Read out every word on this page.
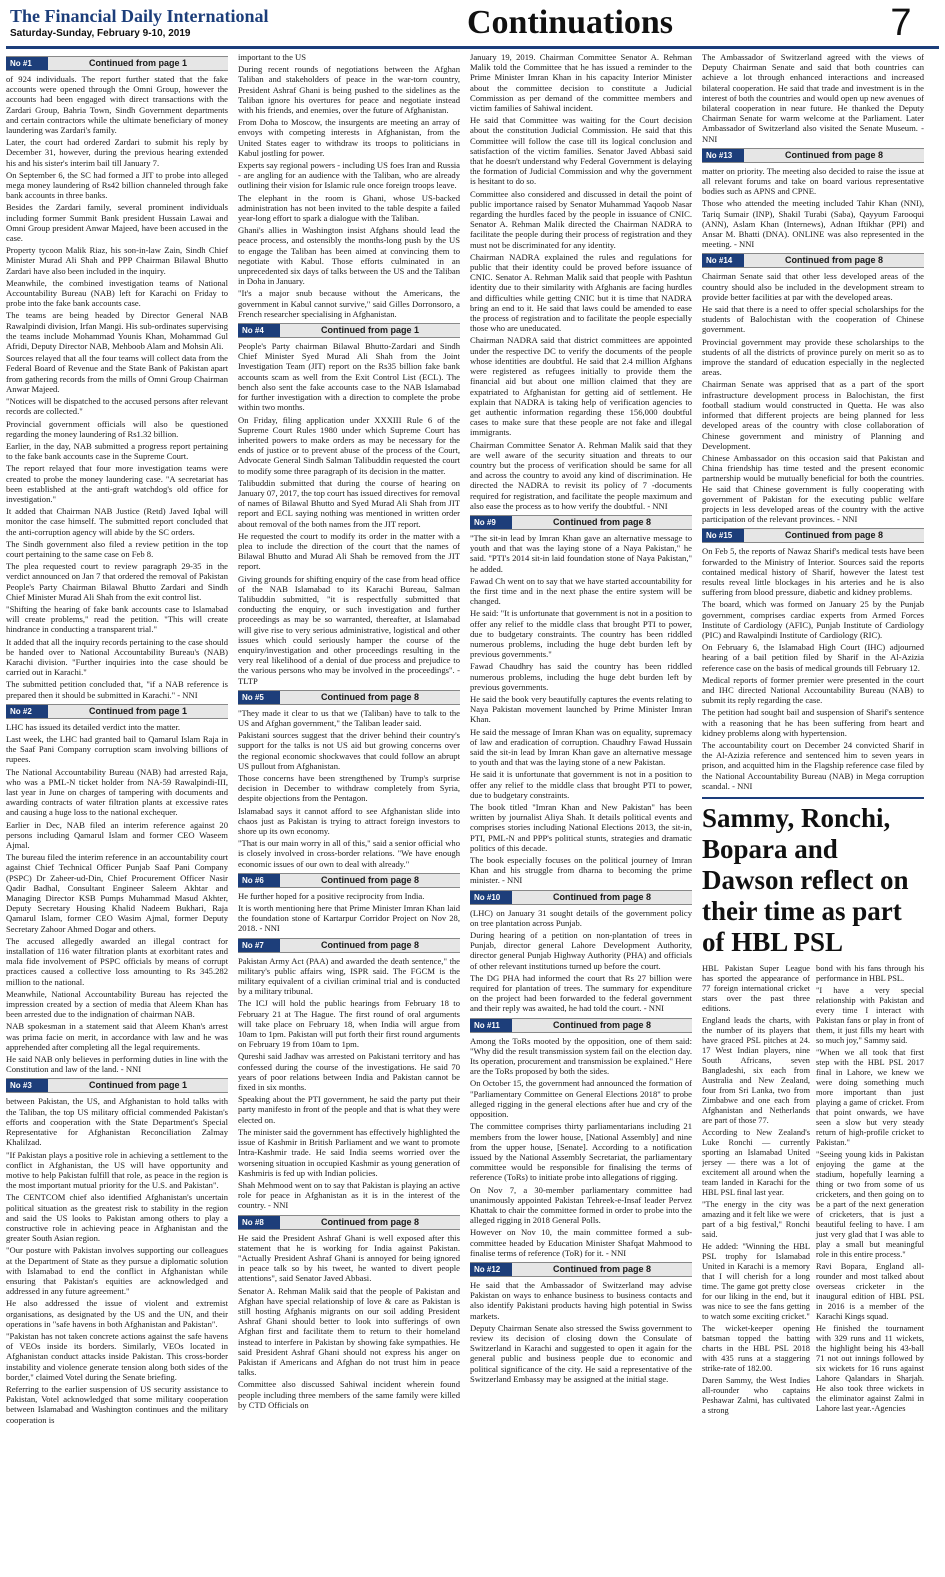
The Financial Daily International
Saturday-Sunday, February 9-10, 2019	Continuations	7
No #1	Continued from page 1

of 924 individuals. The report further stated that the fake accounts were opened through the Omni Group, however the accounts had been engaged with direct transactions with the Zardari Group, Bahria Town, Sindh Government departments and certain contractors while the ultimate beneficiary of money laundering was Zardari's family.

Later, the court had ordered Zardari to submit his reply by December 31, however, during the previous hearing extended his and his sister's interim bail till January 7.

On September 6, the SC had formed a JIT to probe into alleged mega money laundering of Rs42 billion channeled through fake bank accounts in three banks.

Besides the Zardari family, several prominent individuals including former Summit Bank president Hussain Lawai and Omni Group president Anwar Majeed, have been accused in the case.

Property tycoon Malik Riaz, his son-in-law Zain, Sindh Chief Minister Murad Ali Shah and PPP Chairman Bilawal Bhutto Zardari have also been included in the inquiry.

Meanwhile, the combined investigation teams of National Accountability Bureau (NAB) left for Karachi on Friday to probe into the fake bank accounts case.

The teams are being headed by Director General NAB Rawalpindi division, Irfan Mangi. His sub-ordinates supervising the teams include Mohammad Younis Khan, Mohammad Gul Afridi, Deputy Director NAB, Mehboob Alam and Mohsin Ali.

Sources relayed that all the four teams will collect data from the Federal Board of Revenue and the State Bank of Pakistan apart from gathering records from the mills of Omni Group Chairman Anwar Majeed.

"Notices will be dispatched to the accused persons after relevant records are collected."

Provincial government officials will also be questioned regarding the money laundering of Rs1.32 billion.

Earlier, in the day, NAB submitted a progress report pertaining to the fake bank accounts case in the Supreme Court.

The report relayed that four more investigation teams were created to probe the money laundering case. "A secretariat has been established at the anti-graft watchdog's old office for investigation."

It added that Chairman NAB Justice (Retd) Javed Iqbal will monitor the case himself. The submitted report concluded that the anti-corruption agency will abide by the SC orders.

The Sindh government also filed a review petition in the top court pertaining to the same case on Feb 8.

The plea requested court to review paragraph 29-35 in the verdict announced on Jan 7 that ordered the removal of Pakistan People's Party Chairman Bilawal Bhutto Zardari and Sindh Chief Minister Murad Ali Shah from the exit control list.

"Shifting the hearing of fake bank accounts case to Islamabad will create problems," read the petition. "This will create hindrance in conducting a transparent trial."

It added that all the inquiry records pertaining to the case should be handed over to National Accountability Bureau's (NAB) Karachi division. "Further inquiries into the case should be carried out in Karachi."

The submitted petition concluded that, "if a NAB reference is prepared then it should be submitted in Karachi." - NNI

No #2	Continued from page 1

LHC has issued its detailed verdict into the matter.

Last week, the LHC had granted bail to Qamarul Islam Raja in the Saaf Pani Company corruption scam involving billions of rupees.

The National Accountability Bureau (NAB) had arrested Raja, who was a PML-N ticket holder from NA-59 Rawalpindi-III, last year in June on charges of tampering with documents and awarding contracts of water filtration plants at excessive rates and causing a huge loss to the national exchequer.

Earlier in Dec, NAB filed an interim reference against 20 persons including Qamarul Islam and former CEO Waseem Ajmal.

The bureau filed the interim reference in an accountability court against Chief Technical Officer Punjab Saaf Pani Company (PSPC) Dr Zaheer-ud-Din, Chief Procurement Officer Nasir Qadir Badhal, Consultant Engineer Saleem Akhtar and Managing Director KSB Pumps Muhammad Masud Akhter, Deputy Secretary Housing Khalid Nadeem Bukhari, Raja Qamarul Islam, former CEO Wasim Ajmal, former Deputy Secretary Zahoor Ahmed Dogar and others.

The accused allegedly awarded an illegal contract for installation of 116 water filtration plants at exorbitant rates and mala fide involvement of PSPC officials by means of corrupt practices caused a collective loss amounting to Rs 345.282 million to the national.

Meanwhile, National Accountability Bureau has rejected the impression created by a section of media that Aleem Khan has been arrested due to the indignation of chairman NAB.

NAB spokesman in a statement said that Aleem Khan's arrest was prima facie on merit, in accordance with law and he was apprehended after completing all the legal requirements.

He said NAB only believes in performing duties in line with the Constitution and law of the land. - NNI

No #3	Continued from page 1

between Pakistan, the US, and Afghanistan to hold talks with the Taliban, the top US military official commended Pakistan's efforts and cooperation with the State Department's Special Representative for Afghanistan Reconciliation Zalmay Khalilzad.

"If Pakistan plays a positive role in achieving a settlement to the conflict in Afghanistan, the US will have opportunity and motive to help Pakistan fulfill that role, as peace in the region is the most important mutual priority for the U.S. and Pakistan".

The CENTCOM chief also identified Afghanistan's uncertain political situation as the greatest risk to stability in the region and said the US looks to Pakistan among others to play a constructive role in achieving peace in Afghanistan and the greater South Asian region.

"Our posture with Pakistan involves supporting our colleagues at the Department of State as they pursue a diplomatic solution with Islamabad to end the conflict in Afghanistan while ensuring that Pakistan's equities are acknowledged and addressed in any future agreement."

He also addressed the issue of violent and extremist organisations, as designated by the US and the UN, and their operations in "safe havens in both Afghanistan and Pakistan".

"Pakistan has not taken concrete actions against the safe havens of VEOs inside its borders. Similarly, VEOs located in Afghanistan conduct attacks inside Pakistan. This cross-border instability and violence generate tension along both sides of the border," claimed Votel during the Senate briefing.

Referring to the earlier suspension of US security assistance to Pakistan, Votel acknowledged that some military cooperation between Islamabad and Washington continues and the military cooperation is

important to the US

During recent rounds of negotiations between the Afghan Taliban and stakeholders of peace in the war-torn country, President Ashraf Ghani is being pushed to the sidelines as the Taliban ignore his overtures for peace and negotiate instead with his friends, and enemies, over the future of Afghanistan.

From Doha to Moscow, the insurgents are meeting an array of envoys with competing interests in Afghanistan, from the United States eager to withdraw its troops to politicians in Kabul jostling for power.

Experts say regional powers - including US foes Iran and Russia - are angling for an audience with the Taliban, who are already outlining their vision for Islamic rule once foreign troops leave.

The elephant in the room is Ghani, whose US-backed administration has not been invited to the table despite a failed year-long effort to spark a dialogue with the Taliban.

Ghani's allies in Washington insist Afghans should lead the peace process, and ostensibly the months-long push by the US to engage the Taliban has been aimed at convincing them to negotiate with Kabul. Those efforts culminated in an unprecedented six days of talks between the US and the Taliban in Doha in January.

"It's a major snub because without the Americans, the government in Kabul cannot survive," said Gilles Dorronsoro, a French researcher specialising in Afghanistan.

No #4	Continued from page 1

People's Party chairman Bilawal Bhutto-Zardari and Sindh Chief Minister Syed Murad Ali Shah from the Joint Investigation Team (JIT) report on the Rs35 billion fake bank accounts scam as well from the Exit Control List (ECL). The bench also sent the fake accounts case to the NAB Islamabad for further investigation with a direction to complete the probe within two months.

On Friday, filing application under XXXIII Rule 6 of the Supreme Court Rules 1980 under which Supreme Court has inherited powers to make orders as may be necessary for the ends of justice or to prevent abuse of the process of the Court, Advocate General Sindh Salman Talibuddin requested the court to modify some three paragraph of its decision in the matter.

Talibuddin submitted that during the course of hearing on January 07, 2017, the top court has issued directives for removal of names of Bilawal Bhutto and Syed Murad Ali Shah from JIT report and ECL saying nothing was mentioned in written order about removal of the both names from the JIT report.

He requested the court to modify its order in the matter with a plea to include the direction of the court that the names of Bilawal Bhutto and Murad Ali Shah be removed from the JIT report.

Giving grounds for shifting enquiry of the case from head office of the NAB Islamabad to its Karachi Bureau, Salman Talibuddin submitted, "it is respectfully submitted that conducting the enquiry, or such investigation and further proceedings as may be so warranted, thereafter, at Islamabad will give rise to very serious administrative, logistical and other issues which could seriously hamper the course of the enquiry/investigation and other proceedings resulting in the very real likelihood of a denial of due process and prejudice to the various persons who may be involved in the proceedings". - TLTP

No #5	Continued from page 8

"They made it clear to us that we (Taliban) have to talk to the US and Afghan government," the Taliban leader said.

Pakistani sources suggest that the driver behind their country's support for the talks is not US aid but growing concerns over the regional economic shockwaves that could follow an abrupt US pullout from Afghanistan.

Those concerns have been strengthened by Trump's surprise decision in December to withdraw completely from Syria, despite objections from the Pentagon.

Islamabad says it cannot afford to see Afghanistan slide into chaos just as Pakistan is trying to attract foreign investors to shore up its own economy.

"That is our main worry in all of this," said a senior official who is closely involved in cross-border relations. "We have enough economic issues of our own to deal with already."

No #6	Continued from page 8

He further hoped for a positive reciprocity from India.

It is worth mentioning here that Prime Minister Imran Khan laid the foundation stone of Kartarpur Corridor Project on Nov 28, 2018. - NNI

No #7	Continued from page 8

Pakistan Army Act (PAA) and awarded the death sentence," the military's public affairs wing, ISPR said. The FGCM is the military equivalent of a civilian criminal trial and is conducted by a military tribunal.

The ICJ will hold the public hearings from February 18 to February 21 at The Hague. The first round of oral arguments will take place on February 18, when India will argue from 10am to 1pm. Pakistan will put forth their first round arguments on February 19 from 10am to 1pm.

Qureshi said Jadhav was arrested on Pakistani territory and has confessed during the course of the investigations. He said 70 years of poor relations between India and Pakistan cannot be fixed in six months.

Speaking about the PTI government, he said the party put their party manifesto in front of the people and that is what they were elected on.

The minister said the government has effectively highlighted the issue of Kashmir in British Parliament and we want to promote Intra-Kashmir trade. He said India seems worried over the worsening situation in occupied Kashmir as young generation of Kashmiris is fed up with Indian policies.

Shah Mehmood went on to say that Pakistan is playing an active role for peace in Afghanistan as it is in the interest of the country. - NNI

No #8	Continued from page 8

He said the President Ashraf Ghani is well exposed after this statement that he is working for India against Pakistan. "Actually President Ashraf Ghani is annoyed for being ignored in peace talk so by his tweet, he wanted to divert people attentions", said Senator Javed Abbasi.

Senator A. Rehman Malik said that the people of Pakistan and Afghan have special relationship of love & care as Pakistan is still hosting Afghanis migrants on our soil adding President Ashraf Ghani should better to look into sufferings of own Afghan first and facilitate them to return to their homeland instead to interfere in Pakistan by showing fake sympathies. He said President Ashraf Ghani should not express his anger on Pakistan if Americans and Afghan do not trust him in peace talks.

Committee also discussed Sahiwal incident wherein found people including three members of the same family were killed by CTD Officials on

January 19, 2019. Chairman Committee Senator A. Rehman Malik told the Committee that he has issued a reminder to the Prime Minister Imran Khan in his capacity Interior Minister about the committee decision to constitute a Judicial Commission as per demand of the committee members and victim families of Sahiwal incident.

He said that Committee was waiting for the Court decision about the constitution Judicial Commission. He said that this Committee will follow the case till its logical conclusion and satisfaction of the victim families. Senator Javed Abbasi said that he doesn't understand why Federal Government is delaying the formation of Judicial Commission and why the government is hesitant to do so.

Committee also considered and discussed in detail the point of public importance raised by Senator Muhammad Yaqoob Nasar regarding the hurdles faced by the people in issuance of CNIC. Senator A. Rehman Malik directed the Chairman NADRA to facilitate the people during their process of registration and they must not be discriminated for any identity.

Chairman NADRA explained the rules and regulations for public that their identity could be proved before issuance of CNIC. Senator A. Rehman Malik said that people with Pashtun identity due to their similarity with Afghanis are facing hurdles and difficulties while getting CNIC but it is time that NADRA bring an end to it. He said that laws could be amended to ease the process of registration and to facilitate the people especially those who are uneducated.

Chairman NADRA said that district committees are appointed under the respective DC to verify the documents of the people whose identities are doubtful. He said that 2.4 million Afghans were registered as refugees initially to provide them the financial aid but about one million claimed that they are expatriated to Afghanistan for getting aid of settlement. He explain that NADRA is taking help of verification agencies to get authentic information regarding these 156,000 doubtful cases to make sure that these people are not fake and illegal immigrants.

Chairman Committee Senator A. Rehman Malik said that they are well aware of the security situation and threats to our country but the process of verification should be same for all and across the country to avoid any kind of discrimination. He directed the NADRA to revisit its policy of 7 -documents required for registration, and facilitate the people maximum and also ease the process as to how verify the doubtful. - NNI

No #9	Continued from page 8

"The sit-in lead by Imran Khan gave an alternative message to youth and that was the laying stone of a Naya Pakistan," he said. "PTI's 2014 sit-in laid foundation stone of Naya Pakistan," he added.

Fawad Ch went on to say that we have started accountability for the first time and in the next phase the entire system will be changed.

He said: "It is unfortunate that government is not in a position to offer any relief to the middle class that brought PTI to power, due to budgetary constraints. The country has been riddled numerous problems, including the huge debt burden left by previous governments."

Fawad Chaudhry has said the country has been riddled numerous problems, including the huge debt burden left by previous governments.

He said the book very beautifully captures the events relating to Naya Pakistan movement launched by Prime Minister Imran Khan.

He said the message of Imran Khan was on equality, supremacy of law and eradication of corruption. Chaudhry Fawad Hussain said the sit-in lead by Imran Khan gave an alternative message to youth and that was the laying stone of a new Pakistan.

He said it is unfortunate that government is not in a position to offer any relief to the middle class that brought PTI to power, due to budgetary constraints.

The book titled "Imran Khan and New Pakistan" has been written by journalist Aliya Shah. It details political events and comprises stories including National Elections 2013, the sit-in, PTI, PML-N and PPP's political stunts, strategies and dramatic politics of this decade.

The book especially focuses on the political journey of Imran Khan and his struggle from dharna to becoming the prime minister. - NNI

No #10	Continued from page 8

(LHC) on January 31 sought details of the government policy on tree plantation across Punjab.

During hearing of a petition on non-plantation of trees in Punjab, director general Lahore Development Authority, director general Punjab Highway Authority (PHA) and officials of other relevant institutions turned up before the court.

The DG PHA had informed the court that Rs 27 billion were required for plantation of trees. The summary for expenditure on the project had been forwarded to the federal government and their reply was awaited, he had told the court. - NNI

No #11	Continued from page 8

Among the ToRs mooted by the opposition, one of them said: "Why did the result transmission system fail on the election day. Its operation, procurement and transmission be explained." Here are the ToRs proposed by both the sides.

On October 15, the government had announced the formation of "Parliamentary Committee on General Elections 2018" to probe alleged rigging in the general elections after hue and cry of the opposition.

The committee comprises thirty parliamentarians including 21 members from the lower house, [National Assembly] and nine from the upper house, [Senate]. According to a notification issued by the National Assembly Secretariat, the parliamentary committee would be responsible for finalising the terms of reference (ToRs) to initiate probe into allegations of rigging.

On Nov 7, a 30-member parliamentary committee had unanimously appointed Pakistan Tehreek-e-Insaf leader Pervez Khattak to chair the committee formed in order to probe into the alleged rigging in 2018 General Polls.

However on Nov 10, the main committee formed a sub-committee headed by Education Minister Shafqat Mahmood to finalise terms of reference (ToR) for it. - NNI

No #12	Continued from page 8

He said that the Ambassador of Switzerland may advise Pakistan on ways to enhance business to business contacts and also identify Pakistani products having high potential in Swiss markets.

Deputy Chairman Senate also stressed the Swiss government to review its decision of closing down the Consulate of Switzerland in Karachi and suggested to open it again for the general public and business people due to economic and political significance of the city. He said a representative of the Switzerland Embassy may be assigned at the initial stage.

The Ambassador of Switzerland agreed with the views of Deputy Chairman Senate and said that both countries can achieve a lot through enhanced interactions and increased bilateral cooperation. He said that trade and investment is in the interest of both the countries and would open up new avenues of bilateral cooperation in near future. He thanked the Deputy Chairman Senate for warm welcome at the Parliament. Later Ambassador of Switzerland also visited the Senate Museum. - NNI

No #13	Continued from page 8

matter on priority. The meeting also decided to raise the issue at all relevant forums and take on board various representative bodies such as APNS and CPNE.

Those who attended the meeting included Tahir Khan (NNI), Tariq Sumair (INP), Shakil Turabi (Saba), Qayyum Farooqui (ANN), Aslam Khan (Internews), Adnan Iftikhar (PPI) and Ansar M. Bhatti (DNA). ONLINE was also represented in the meeting. - NNI

No #14	Continued from page 8

Chairman Senate said that other less developed areas of the country should also be included in the development stream to provide better facilities at par with the developed areas.

He said that there is a need to offer special scholarships for the students of Balochistan with the cooperation of Chinese government.

Provincial government may provide these scholarships to the students of all the districts of province purely on merit so as to improve the standard of education especially in the neglected areas.

Chairman Senate was apprised that as a part of the sport infrastructure development process in Balochistan, the first football stadium would constructed in Quetta. He was also informed that different projects are being planned for less developed areas of the country with close collaboration of Chinese government and ministry of Planning and Development.

Chinese Ambassador on this occasion said that Pakistan and China friendship has time tested and the present economic partnership would be mutually beneficial for both the countries. He said that Chinese government is fully cooperating with government of Pakistan for the executing public welfare projects in less developed areas of the country with the active participation of the relevant provinces. - NNI

No #15	Continued from page 8

On Feb 5, the reports of Nawaz Sharif's medical tests have been forwarded to the Ministry of Interior. Sources said the reports contained medical history of Sharif, however the latest test results reveal little blockages in his arteries and he is also suffering from blood pressure, diabetic and kidney problems.

The board, which was formed on January 25 by the Punjab government, comprises cardiac experts from Armed Forces Institute of Cardiology (AFIC), Punjab Institute of Cardiology (PIC) and Rawalpindi Institute of Cardiology (RIC).

On February 6, the Islamabad High Court (IHC) adjourned hearing of a bail petition filed by Sharif in the Al-Azizia reference case on the basis of medical grounds till February 12.

Medical reports of former premier were presented in the court and IHC directed National Accountability Bureau (NAB) to submit its reply regarding the case.

The petition had sought bail and suspension of Sharif's sentence with a reasoning that he has been suffering from heart and kidney problems along with hypertension.

The accountability court on December 24 convicted Sharif in the Al-Azizia reference and sentenced him to seven years in prison, and acquitted him in the Flagship reference case filed by the National Accountability Bureau (NAB) in Mega corruption scandal. - NNI

Sammy, Ronchi, Bopara and Dawson reflect on their time as part of HBL PSL

HBL Pakistan Super League has sported the appearance of 77 foreign international cricket stars over the past three editions.

England leads the charts, with the number of its players that have graced PSL pitches at 24. 17 West Indian players, nine South Africans, seven Bangladeshi, six each from Australia and New Zealand, four from Sri Lanka, two from Zimbabwe and one each from Afghanistan and Netherlands are part of those 77.

According to New Zealand's Luke Ronchi — currently sporting an Islamabad United jersey — there was a lot of excitement all around when the team landed in Karachi for the HBL PSL final last year.

"The energy in the city was amazing and it felt like we were part of a big festival," Ronchi said.

He added: "Winning the HBL PSL trophy for Islamabad United in Karachi is a memory that I will cherish for a long time. The game got pretty close for our liking in the end, but it was nice to see the fans getting to watch some exciting cricket."

The wicket-keeper opening batsman topped the batting charts in the HBL PSL 2018 with 435 runs at a staggering strike-rate of 182.00.

Daren Sammy, the West Indies all-rounder who captains Peshawar Zalmi, has cultivated a strong

bond with his fans through his performance in HBL PSL.

"I have a very special relationship with Pakistan and every time I interact with Pakistan fans or play in front of them, it just fills my heart with so much joy," Sammy said.

"When we all took that first step with the HBL PSL 2017 final in Lahore, we knew we were doing something much more important than just playing a game of cricket. From that point onwards, we have seen a slow but very steady return of high-profile cricket to Pakistan."

"Seeing young kids in Pakistan enjoying the game at the stadium, hopefully learning a thing or two from some of us cricketers, and then going on to be a part of the next generation of cricketers, that is just a beautiful feeling to have. I am just very glad that I was able to play a small but meaningful role in this entire process."

Ravi Bopara, England all-rounder and most talked about overseas cricketer in the inaugural edition of HBL PSL in 2016 is a member of the Karachi Kings squad.

He finished the tournament with 329 runs and 11 wickets, the highlight being his 43-ball 71 not out innings followed by six wickets for 16 runs against Lahore Qalandars in Sharjah. He also took three wickets in the eliminator against Zalmi in Lahore last year.-Agencies
